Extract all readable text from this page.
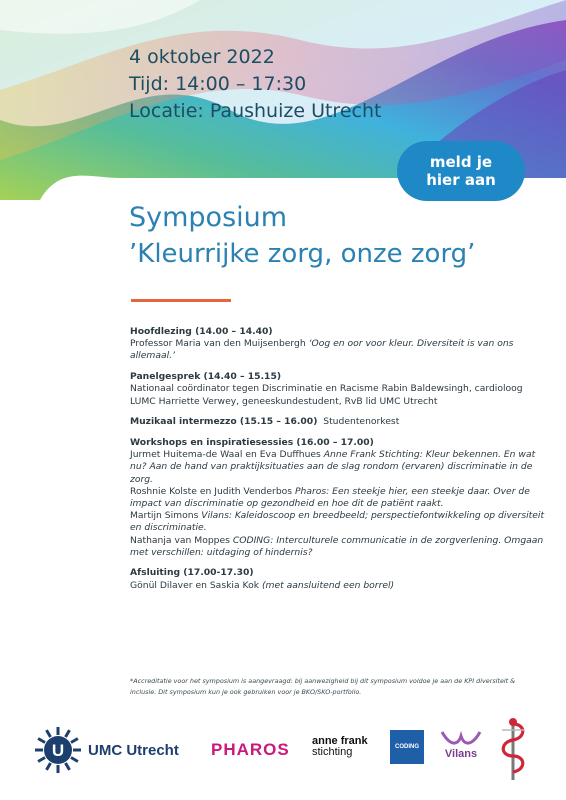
4 oktober 2022
Tijd: 14:00 – 17:30
Locatie: Paushuize Utrecht
meld je
hier aan
Symposium
’Kleurrijke zorg, onze zorg’
Hoofdlezing (14.00 – 14.40)
Professor Maria van den Muijsenbergh ‘Oog en oor voor kleur. Diversiteit is van ons allemaal.’
Panelgesprek (14.40 – 15.15)
Nationaal coördinator tegen Discriminatie en Racisme Rabin Baldewsingh, cardioloog LUMC Harriette Verwey, geneeskundestudent, RvB lid UMC Utrecht
Muzikaal intermezzo (15.15 – 16.00) Studentenorkest
Workshops en inspiratiesessies (16.00 – 17.00)
Jurmet Huitema-de Waal en Eva Duffhues Anne Frank Stichting: Kleur bekennen. En wat nu? Aan de hand van praktijksituaties aan de slag rondom (ervaren) discriminatie in de zorg.
Roshnie Kolste en Judith Venderbos Pharos: Een steekje hier, een steekje daar. Over de impact van discriminatie op gezondheid en hoe dit de patiënt raakt.
Martijn Simons Vilans: Kaleidoscoop en breedbeeld; perspectiefontwikkeling op diversiteit en discriminatie.
Nathanja van Moppes CODING: Interculturele communicatie in de zorgverlening. Omgaan met verschillen: uitdaging of hindernis?
Afsluiting (17.00-17.30)
Gönül Dilaver en Saskia Kok (met aansluitend een borrel)
*Accreditatie voor het symposium is aangevraagd: bij aanwezigheid bij dit symposium voldoe je aan de KPI diversiteit & inclusie. Dit symposium kun je ook gebruiken voor je BKO/SKO-portfolio.
U UMC Utrecht PHAROS anne frank
stichting	CODING
Vilans
